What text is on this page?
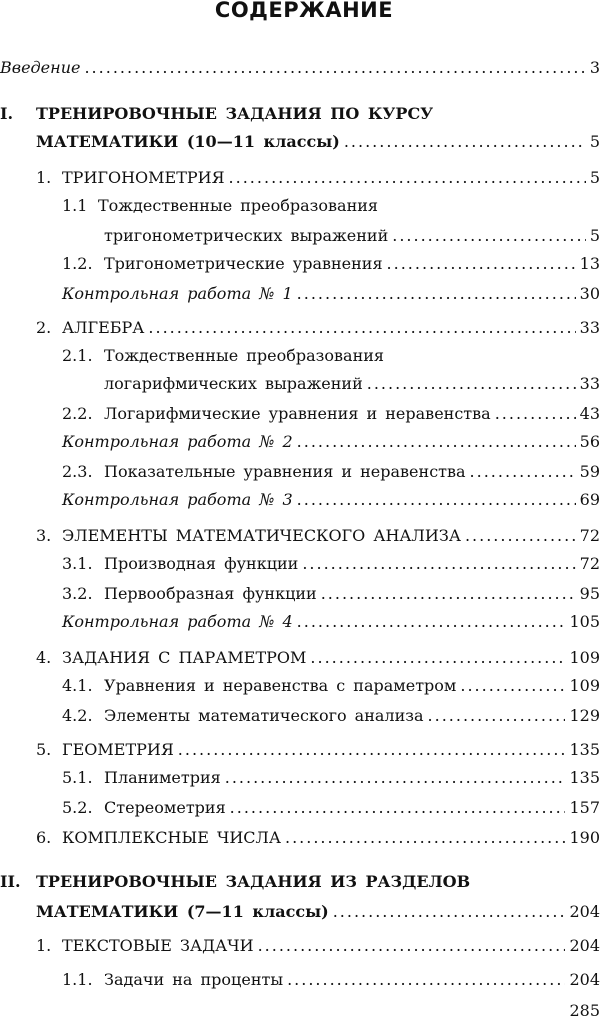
СОДЕРЖАНИЕ
Введение .....	3
I.	ТРЕНИРОВОЧНЫЕ ЗАДАНИЯ ПО КУРСУ
МАТЕМАТИКИ (10—11 классы) .....	5
1. ТРИГОНОМЕТРИЯ .....	5
1.1 Тождественные преобразования
тригонометрических выражений .....	5
1.2. Тригонометрические уравнения .....	13
Контрольная работа № 1 .....	30
2. АЛГЕБРА .....	33
2.1. Тождественные преобразования
логарифмических выражений .....	33
2.2. Логарифмические уравнения и неравенства .....	43
Контрольная работа № 2 .....	56
2.3. Показательные уравнения и неравенства .....	59
Контрольная работа № 3 .....	69
3. ЭЛЕМЕНТЫ МАТЕМАТИЧЕСКОГО АНАЛИЗА .....	72
3.1. Производная функции .....	72
3.2. Первообразная функции .....	95
Контрольная работа № 4 .....	105
4. ЗАДАНИЯ С ПАРАМЕТРОМ .....	109
4.1. Уравнения и неравенства с параметром .....	109
4.2. Элементы математического анализа .....	129
5. ГЕОМЕТРИЯ .....	135
5.1. Планиметрия .....	135
5.2. Стереометрия .....	157
6. КОМПЛЕКСНЫЕ ЧИСЛА .....	190
II. ТРЕНИРОВОЧНЫЕ ЗАДАНИЯ ИЗ РАЗДЕЛОВ
МАТЕМАТИКИ (7—11 классы) .....	204
1. ТЕКСТОВЫЕ ЗАДАЧИ .....	204
1.1. Задачи на проценты .....	204
285
